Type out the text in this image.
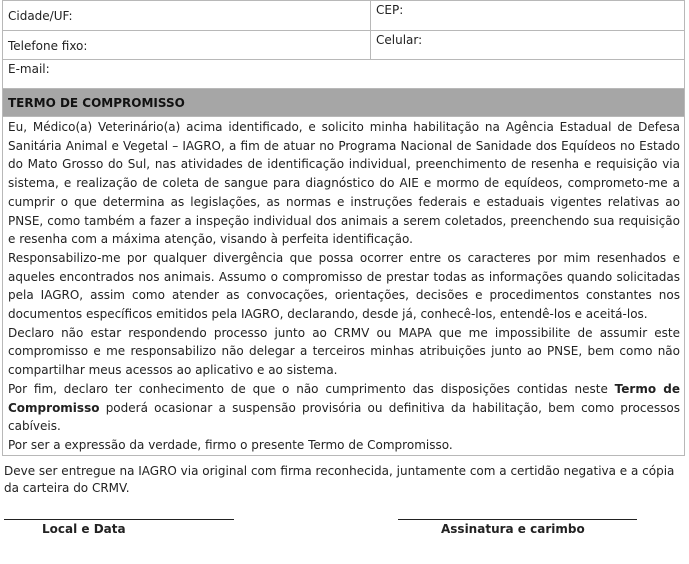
Cidade/UF:	CEP:

Telefone fixo:	Celular:

E-mail:	

TERMO DE COMPROMISSO	

Eu, Médico(a) Veterinário(a) acima identificado, e solicito minha habilitação na Agência Estadual de Defesa Sanitária Animal e Vegetal – IAGRO, a fim de atuar no Programa Nacional de Sanidade dos Equídeos no Estado do Mato Grosso do Sul, nas atividades de identificação individual, preenchimento de resenha e requisição via sistema, e realização de coleta de sangue para diagnóstico do AIE e mormo de equídeos, comprometo-me a cumprir o que determina as legislações, as normas e instruções federais e estaduais vigentes relativas ao PNSE, como também a fazer a inspeção individual dos animais a serem coletados, preenchendo sua requisição e resenha com a máxima atenção, visando à perfeita identificação.

Responsabilizo-me por qualquer divergência que possa ocorrer entre os caracteres por mim resenhados e aqueles encontrados nos animais. Assumo o compromisso de prestar todas as informações quando solicitadas pela IAGRO, assim como atender as convocações, orientações, decisões e procedimentos constantes nos documentos específicos emitidos pela IAGRO, declarando, desde já, conhecê-los, entendê-los e aceitá-los.

Declaro não estar respondendo processo junto ao CRMV ou MAPA que me impossibilite de assumir este compromisso e me responsabilizo não delegar a terceiros minhas atribuições junto ao PNSE, bem como não compartilhar meus acessos ao aplicativo e ao sistema.

Por fim, declaro ter conhecimento de que o não cumprimento das disposições contidas neste Termo de Compromisso poderá ocasionar a suspensão provisória ou definitiva da habilitação, bem como processos cabíveis.

Por ser a expressão da verdade, firmo o presente Termo de Compromisso.	

Deve ser entregue na IAGRO via original com firma reconhecida, juntamente com a certidão negativa e a cópia da carteira do CRMV.

Local e Data	Assinatura e carimbo
